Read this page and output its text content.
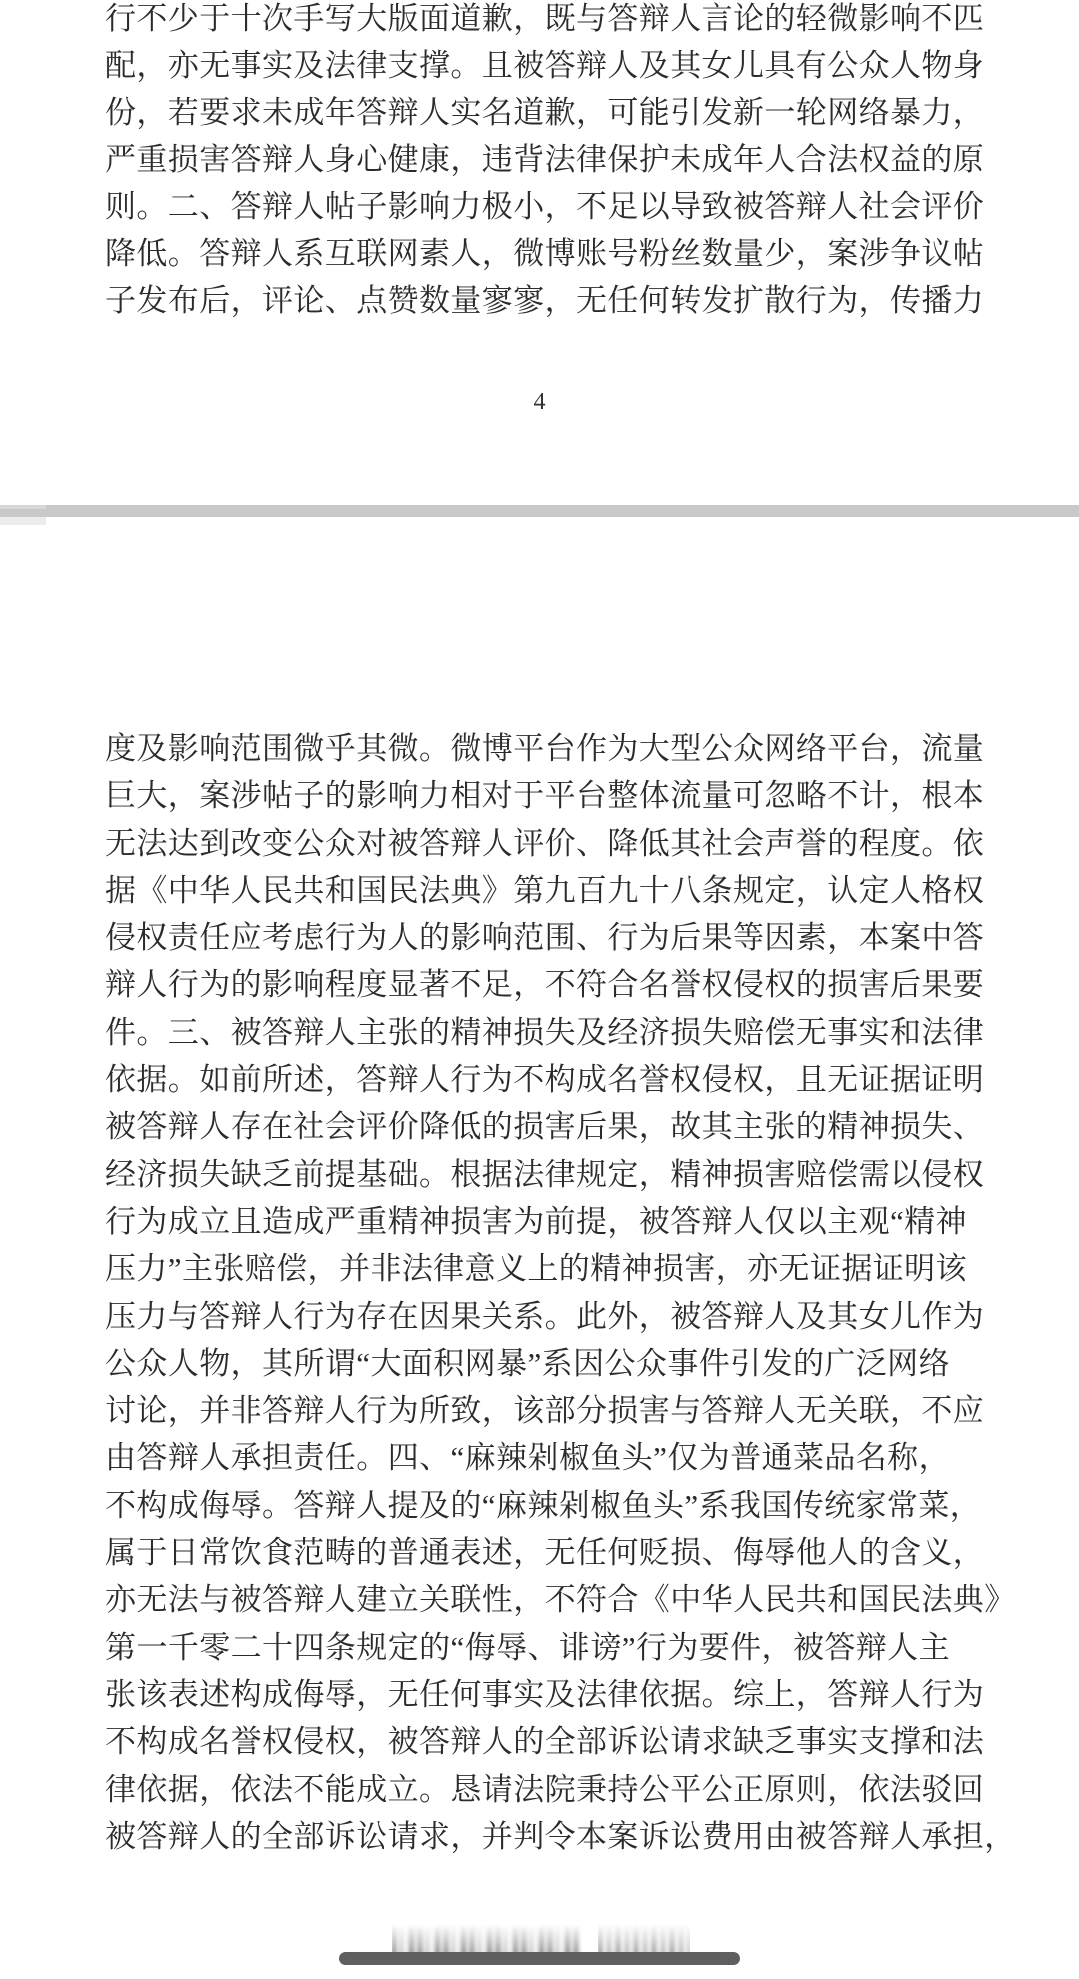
行不少于十次手写大版面道歉，既与答辩人言论的轻微影响不匹
配，亦无事实及法律支撑。且被答辩人及其女儿具有公众人物身
份，若要求未成年答辩人实名道歉，可能引发新一轮网络暴力，
严重损害答辩人身心健康，违背法律保护未成年人合法权益的原
则。二、答辩人帖子影响力极小，不足以导致被答辩人社会评价
降低。答辩人系互联网素人，微博账号粉丝数量少，案涉争议帖
子发布后，评论、点赞数量寥寥，无任何转发扩散行为，传播力
4
度及影响范围微乎其微。微博平台作为大型公众网络平台，流量
巨大，案涉帖子的影响力相对于平台整体流量可忽略不计，根本
无法达到改变公众对被答辩人评价、降低其社会声誉的程度。依
据《中华人民共和国民法典》第九百九十八条规定，认定人格权
侵权责任应考虑行为人的影响范围、行为后果等因素，本案中答
辩人行为的影响程度显著不足，不符合名誉权侵权的损害后果要
件。三、被答辩人主张的精神损失及经济损失赔偿无事实和法律
依据。如前所述，答辩人行为不构成名誉权侵权，且无证据证明
被答辩人存在社会评价降低的损害后果，故其主张的精神损失、
经济损失缺乏前提基础。根据法律规定，精神损害赔偿需以侵权
行为成立且造成严重精神损害为前提，被答辩人仅以主观“精神
压力”主张赔偿，并非法律意义上的精神损害，亦无证据证明该
压力与答辩人行为存在因果关系。此外，被答辩人及其女儿作为
公众人物，其所谓“大面积网暴”系因公众事件引发的广泛网络
讨论，并非答辩人行为所致，该部分损害与答辩人无关联，不应
由答辩人承担责任。四、“麻辣剁椒鱼头”仅为普通菜品名称，
不构成侮辱。答辩人提及的“麻辣剁椒鱼头”系我国传统家常菜，
属于日常饮食范畴的普通表述，无任何贬损、侮辱他人的含义，
亦无法与被答辩人建立关联性，不符合《中华人民共和国民法典》
第一千零二十四条规定的“侮辱、诽谤”行为要件，被答辩人主
张该表述构成侮辱，无任何事实及法律依据。综上，答辩人行为
不构成名誉权侵权，被答辩人的全部诉讼请求缺乏事实支撑和法
律依据，依法不能成立。恳请法院秉持公平公正原则，依法驳回
被答辩人的全部诉讼请求，并判令本案诉讼费用由被答辩人承担，
